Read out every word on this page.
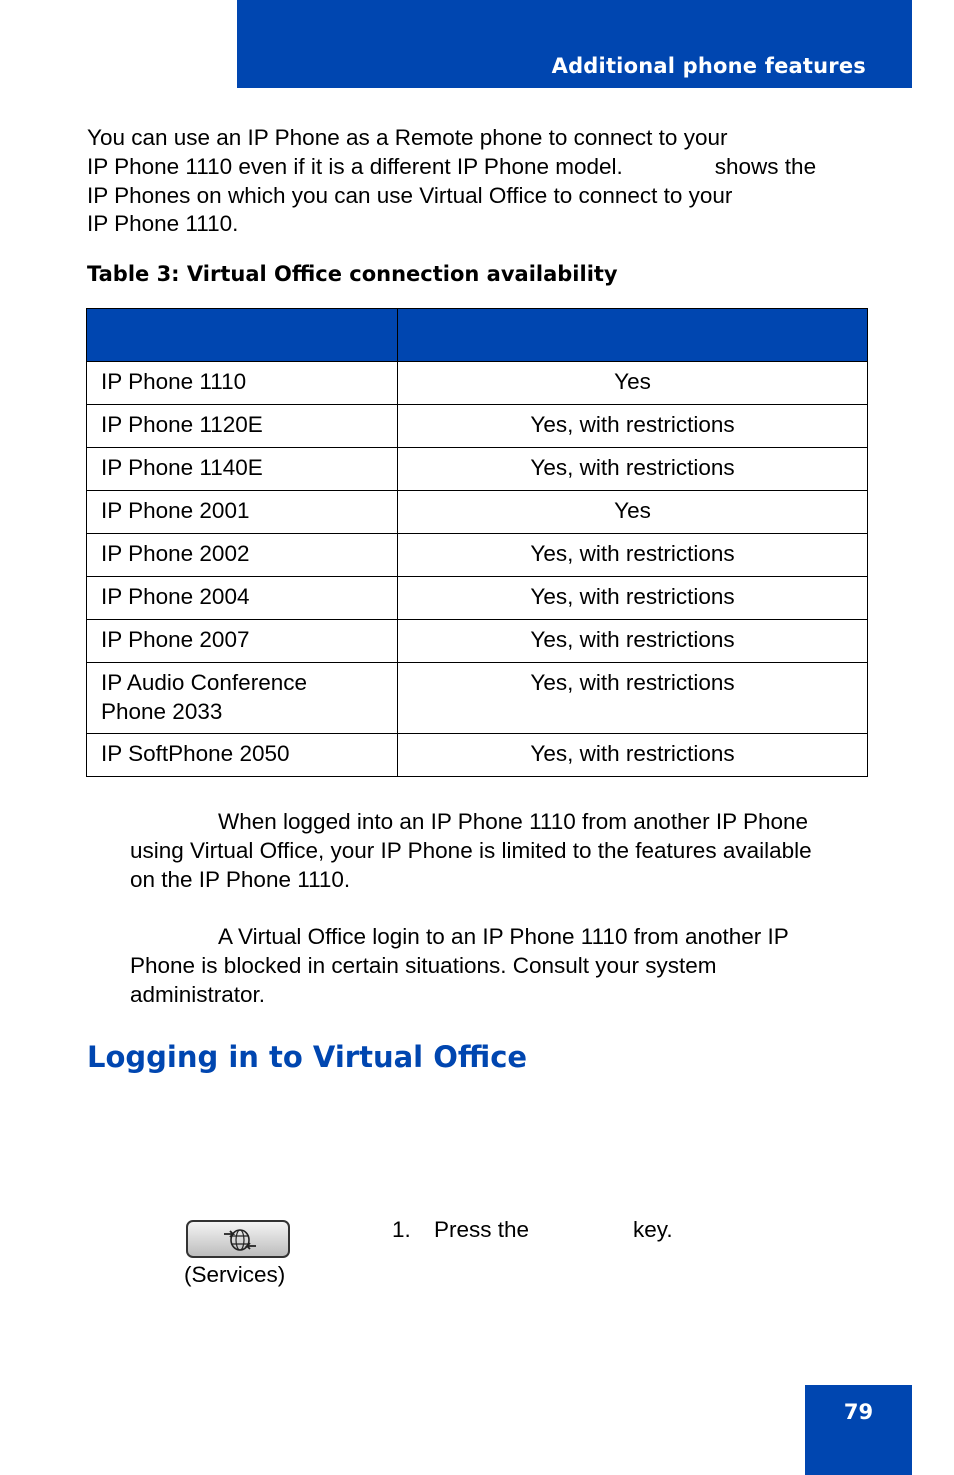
Additional phone features
You can use an IP Phone as a Remote phone to connect to your
IP Phone 1110 even if it is a different IP Phone model.	shows the
IP Phones on which you can use Virtual Office to connect to your
IP Phone 1110.
Table 3: Virtual Office connection availability

IP Phone 1110	Yes
IP Phone 1120E	Yes, with restrictions
IP Phone 1140E	Yes, with restrictions
IP Phone 2001	Yes
IP Phone 2002	Yes, with restrictions
IP Phone 2004	Yes, with restrictions
IP Phone 2007	Yes, with restrictions
IP Audio Conference
Phone 2033	Yes, with restrictions
IP SoftPhone 2050	Yes, with restrictions
When logged into an IP Phone 1110 from another IP Phone
using Virtual Office, your IP Phone is limited to the features available
on the IP Phone 1110.
A Virtual Office login to an IP Phone 1110 from another IP
Phone is blocked in certain situations. Consult your system
administrator.
Logging in to Virtual Office
(Services)
1. Press the	key.
79
